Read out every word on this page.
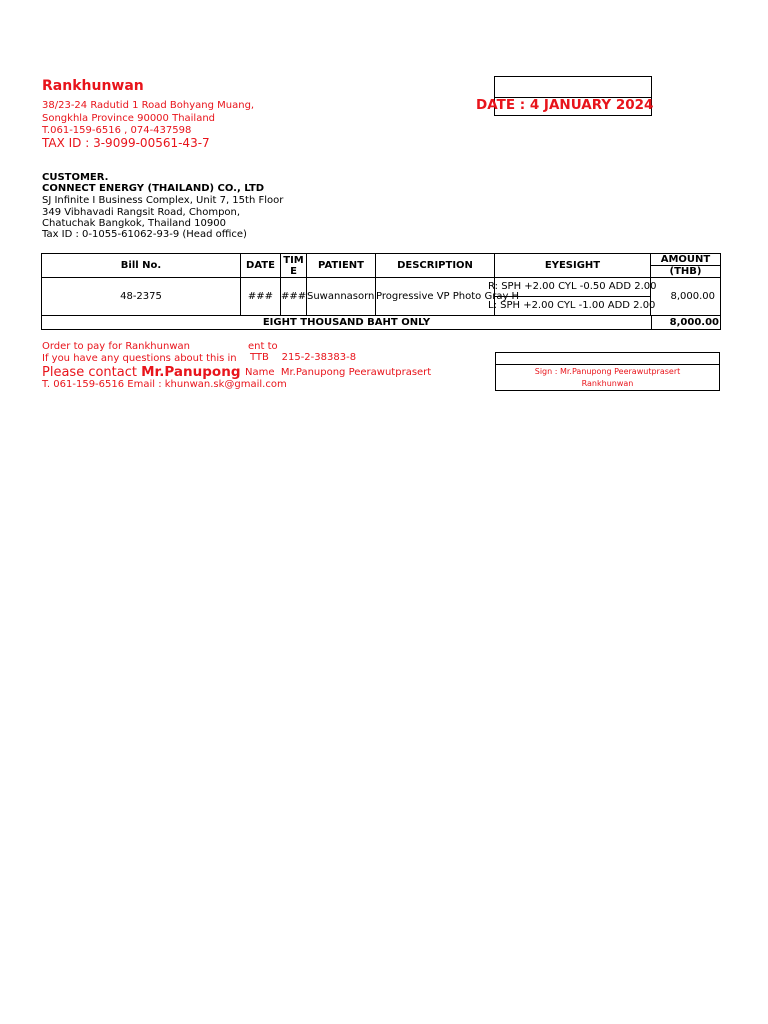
Rankhunwan
38/23-24 Radutid 1 Road Bohyang Muang,
Songkhla Province 90000 Thailand
T.061-159-6516 , 074-437598
TAX ID : 3-9099-00561-43-7
DATE : 4 JANUARY 2024
CUSTOMER.
CONNECT ENERGY (THAILAND) CO., LTD
SJ Infinite I Business Complex, Unit 7, 15th Floor
349 Vibhavadi Rangsit Road, Chompon,
Chatuchak Bangkok, Thailand 10900
Tax ID : 0-1055-61062-93-9 (Head office)
Bill No.	DATE	TIM E	PATIENT	DESCRIPTION	EYESIGHT	AMOUNT
(THB)

48-2375	###	###	Suwannasorn	Progressive VP Photo Gray H	R: SPH +2.00 CYL -0.50 ADD 2.00
L: SPH +2.00 CYL -1.00 ADD 2.00	8,000.00
EIGHT THOUSAND BAHT ONLY	8,000.00
Order to pay for Rankhunwan	ent to
If you have any questions about this in	TTB    215-2-38383-8
Name  Mr.Panupong Peerawutprasert
Please contact Mr.Panupong
T. 061-159-6516 Email : khunwan.sk@gmail.com
Sign : Mr.Panupong Peerawutprasert
Rankhunwan
